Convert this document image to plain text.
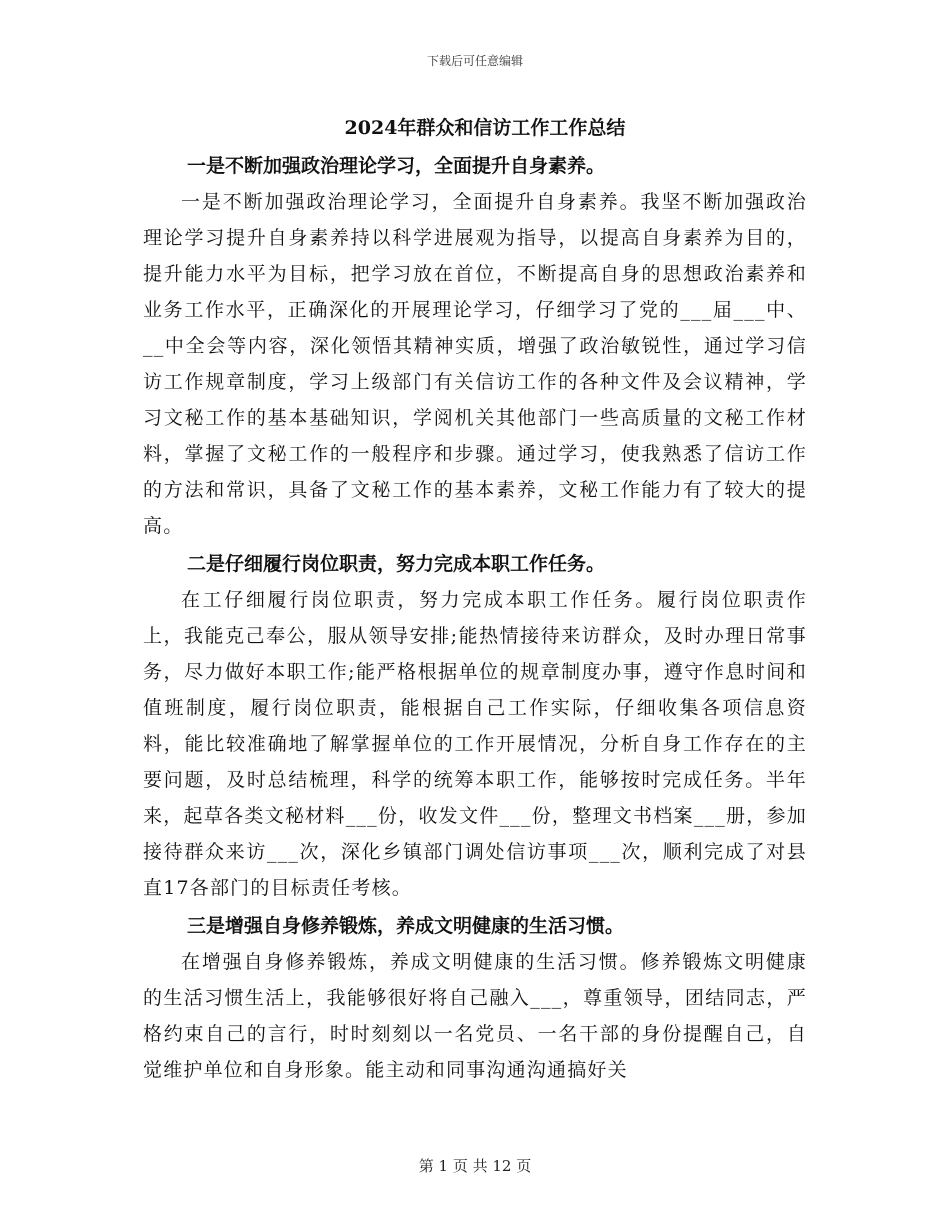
下载后可任意编辑
2024年群众和信访工作工作总结
一是不断加强政治理论学习，全面提升自身素养。

一是不断加强政治理论学习，全面提升自身素养。我坚不断加强政治理论学习提升自身素养持以科学进展观为指导，以提高自身素养为目的，提升能力水平为目标，把学习放在首位，不断提高自身的思想政治素养和业务工作水平，正确深化的开展理论学习，仔细学习了党的___届___中、__中全会等内容，深化领悟其精神实质，增强了政治敏锐性，通过学习信访工作规章制度，学习上级部门有关信访工作的各种文件及会议精神，学习文秘工作的基本基础知识，学阅机关其他部门一些高质量的文秘工作材料，掌握了文秘工作的一般程序和步骤。通过学习，使我熟悉了信访工作的方法和常识，具备了文秘工作的基本素养，文秘工作能力有了较大的提高。

二是仔细履行岗位职责，努力完成本职工作任务。

在工仔细履行岗位职责，努力完成本职工作任务。履行岗位职责作上，我能克己奉公，服从领导安排;能热情接待来访群众，及时办理日常事务，尽力做好本职工作;能严格根据单位的规章制度办事，遵守作息时间和值班制度，履行岗位职责，能根据自己工作实际，仔细收集各项信息资料，能比较准确地了解掌握单位的工作开展情况，分析自身工作存在的主要问题，及时总结梳理，科学的统筹本职工作，能够按时完成任务。半年来，起草各类文秘材料___份，收发文件___份，整理文书档案___册，参加接待群众来访___次，深化乡镇部门调处信访事项___次，顺利完成了对县直17各部门的目标责任考核。

三是增强自身修养锻炼，养成文明健康的生活习惯。

在增强自身修养锻炼，养成文明健康的生活习惯。修养锻炼文明健康的生活习惯生活上，我能够很好将自己融入___，尊重领导，团结同志，严格约束自己的言行，时时刻刻以一名党员、一名干部的身份提醒自己，自觉维护单位和自身形象。能主动和同事沟通沟通搞好关

第 1 页 共 12 页
